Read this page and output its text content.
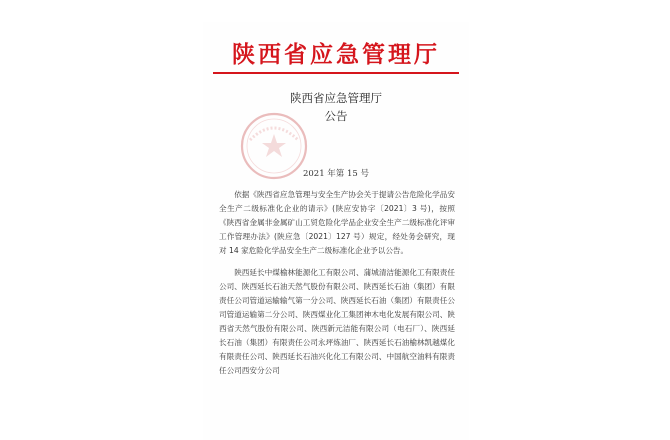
陕西省应急管理厅
陕西省应急管理厅
公告
2021 年第 15 号

依据《陕西省应急管理与安全生产协会关于提请公告危险化学品安全生产二级标准化企业的请示》(陕应安协字〔2021〕3 号)，按照《陕西省金属非金属矿山工贸危险化学品企业安全生产二级标准化评审工作管理办法》(陕应急〔2021〕127 号）规定，经处务会研究，现对 14 家危险化学品安全生产二级标准化企业予以公告。

陕西延长中煤榆林能源化工有限公司、蒲城清洁能源化工有限责任公司、陕西延长石油天然气股份有限公司、陕西延长石油（集团）有限责任公司管道运输输气第一分公司、陕西延长石油（集团）有限责任公司管道运输第二分公司、陕西煤业化工集团神木电化发展有限公司、陕西省天然气股份有限公司、陕西新元洁能有限公司（电石厂）、陕西延长石油（集团）有限责任公司永坪炼油厂、陕西延长石油榆林凯越煤化有限责任公司、陕西延长石油兴化化工有限公司、中国航空油料有限责任公司西安分公司
